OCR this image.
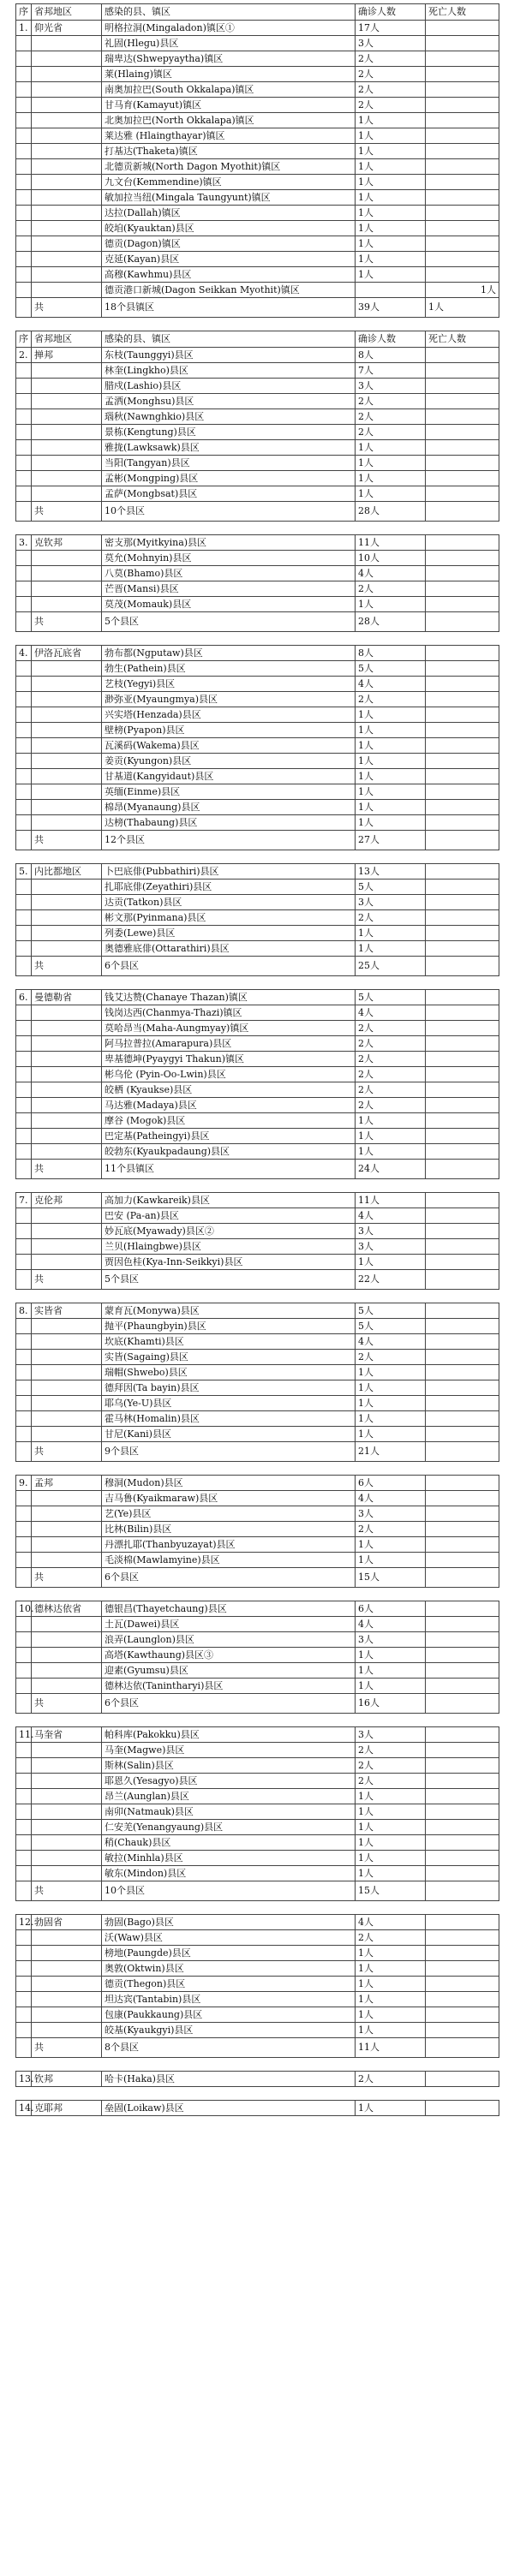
序	省邦地区	感染的县、镇区	确诊人数	死亡人数
1.	仰光省	明格拉洞(Mingaladon)镇区①	17人	
		礼固(Hlegu)县区	3人	
		瑞卑达(Shwepyaytha)镇区	2人	
		莱(Hlaing)镇区	2人	
		南奥加拉巴(South Okkalapa)镇区	2人	
		甘马育(Kamayut)镇区	2人	
		北奥加拉巴(North Okkalapa)镇区	1人	
		莱达雅 (Hlaingthayar)镇区	1人	
		打基达(Thaketa)镇区	1人	
		北德贡新城(North Dagon Myothit)镇区	1人	
		九文台(Kemmendine)镇区	1人	
		敏加拉当纽(Mingala Taungyunt)镇区	1人	
		达拉(Dallah)镇区	1人	
		皎垍(Kyauktan)县区	1人	
		德贡(Dagon)镇区	1人	
		克延(Kayan)县区	1人	
		高穆(Kawhmu)县区	1人	
		德贡港口新城(Dagon Seikkan Myothit)镇区		1人
	共	18个县镇区	39人	1人
序	省邦地区	感染的县、镇区	确诊人数	死亡人数
2.	掸邦	东枝(Taunggyi)县区	8人	
		林奎(Lingkho)县区	7人	
		腊戍(Lashio)县区	3人	
		孟洒(Monghsu)县区	2人	
		瑙秋(Nawnghkio)县区	2人	
		景栋(Kengtung)县区	2人	
		雅拢(Lawksawk)县区	1人	
		当阳(Tangyan)县区	1人	
		孟彬(Mongping)县区	1人	
		孟萨(Mongbsat)县区	1人	
	共	10个县区	28人	
3.	克钦邦	密支那(Myitkyina)县区	11人	
		莫允(Mohnyin)县区	10人	
		八莫(Bhamo)县区	4人	
		芒晋(Mansi)县区	2人	
		莫茂(Momauk)县区	1人	
	共	5个县区	28人	
4.	伊洛瓦底省	勃布都(Ngputaw)县区	8人	
		勃生(Pathein)县区	5人	
		艺枝(Yegyi)县区	4人	
		渺弥亚(Myaungmya)县区	2人	
		兴实塔(Henzada)县区	1人	
		壁榜(Pyapon)县区	1人	
		瓦溪码(Wakema)县区	1人	
		姜贡(Kyungon)县区	1人	
		甘基道(Kangyidaut)县区	1人	
		英缅(Einme)县区	1人	
		棉昂(Myanaung)县区	1人	
		达榜(Thabaung)县区	1人	
	共	12个县区	27人	
5.	内比都地区	卜巴底俳(Pubbathiri)县区	13人	
		扎耶底俳(Zeyathiri)县区	5人	
		达贡(Tatkon)县区	3人	
		彬文那(Pyinmana)县区	2人	
		列委(Lewe)县区	1人	
		奥德雅底俳(Ottarathiri)县区	1人	
	共	6个县区	25人	
6.	曼德勒省	钱艾达赞(Chanaye Thazan)镇区	5人	
		钱岗达西(Chanmya-Thazi)镇区	4人	
		莫哈昂当(Maha-Aungmyay)镇区	2人	
		阿马拉普拉(Amarapura)县区	2人	
		卑基德坤(Pyaygyi Thakun)镇区	2人	
		彬乌伦 (Pyin-Oo-Lwin)县区	2人	
		皎栖 (Kyaukse)县区	2人	
		马达雅(Madaya)县区	2人	
		摩谷 (Mogok)县区	1人	
		巴定基(Patheingyi)县区	1人	
		皎勃东(Kyaukpadaung)县区	1人	
	共	11个县镇区	24人	
7.	克伦邦	高加力(Kawkareik)县区	11人	
		巴安 (Pa-an)县区	4人	
		妙瓦底(Myawady)县区②	3人	
		兰贝(Hlaingbwe)县区	3人	
		贾因色桂(Kya-Inn-Seikkyi)县区	1人	
	共	5个县区	22人	
8.	实皆省	蒙育瓦(Monywa)县区	5人	
		抛平(Phaungbyin)县区	5人	
		坎底(Khamti)县区	4人	
		实皆(Sagaing)县区	2人	
		瑞帽(Shwebo)县区	1人	
		德拜因(Ta bayin)县区	1人	
		耶乌(Ye-U)县区	1人	
		霍马林(Homalin)县区	1人	
		甘尼(Kani)县区	1人	
	共	9个县区	21人	
9.	孟邦	穆洞(Mudon)县区	6人	
		吉马鲁(Kyaikmaraw)县区	4人	
		艺(Ye)县区	3人	
		比林(Bilin)县区	2人	
		丹漂扎耶(Thanbyuzayat)县区	1人	
		毛淡棉(Mawlamyine)县区	1人	
	共	6个县区	15人	
10.	德林达依省	德银昌(Thayetchaung)县区	6人	
		土瓦(Dawei)县区	4人	
		浪弄(Launglon)县区	3人	
		高塔(Kawthaung)县区③	1人	
		迎素(Gyumsu)县区	1人	
		德林达依(Tanintharyi)县区	1人	
	共	6个县区	16人	
11.	马奎省	帕科库(Pakokku)县区	3人	
		马奎(Magwe)县区	2人	
		斯林(Salin)县区	2人	
		耶恩久(Yesagyo)县区	2人	
		昂兰(Aunglan)县区	1人	
		南卯(Natmauk)县区	1人	
		仁安羌(Yenangyaung)县区	1人	
		稍(Chauk)县区	1人	
		敏拉(Minhla)县区	1人	
		敏东(Mindon)县区	1人	
	共	10个县区	15人	
12.	勃固省	勃固(Bago)县区	4人	
		沃(Waw)县区	2人	
		榜地(Paungde)县区	1人	
		奥敦(Oktwin)县区	1人	
		德贡(Thegon)县区	1人	
		坦达宾(Tantabin)县区	1人	
		包康(Paukkaung)县区	1人	
		皎基(Kyaukgyi)县区	1人	
	共	8个县区	11人	
13.	钦邦	哈卡(Haka)县区	2人	
14.	克耶邦	垒固(Loikaw)县区	1人	
